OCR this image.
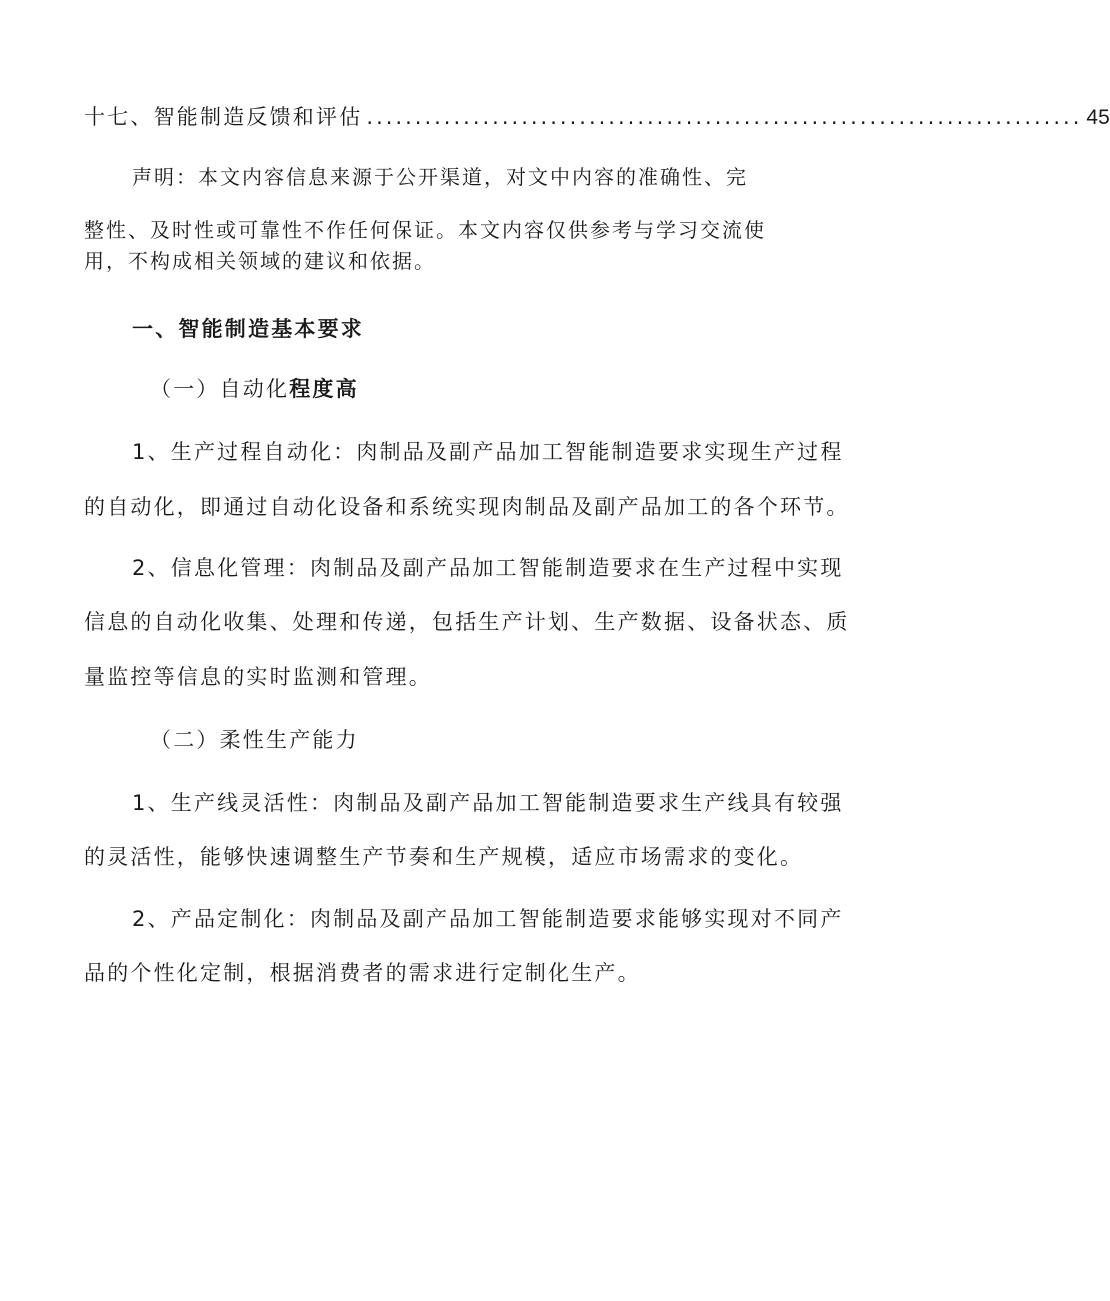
十七、智能制造反馈和评估 .......................................................................... 45
声明：本文内容信息来源于公开渠道，对文中内容的准确性、完
整性、及时性或可靠性不作任何保证。本文内容仅供参考与学习交流使
用，不构成相关领域的建议和依据。
一、智能制造基本要求
（一）自动化程度高
1、生产过程自动化：肉制品及副产品加工智能制造要求实现生产过程
的自动化，即通过自动化设备和系统实现肉制品及副产品加工的各个环节。
2、信息化管理：肉制品及副产品加工智能制造要求在生产过程中实现
信息的自动化收集、处理和传递，包括生产计划、生产数据、设备状态、质
量监控等信息的实时监测和管理。
（二）柔性生产能力
1、生产线灵活性：肉制品及副产品加工智能制造要求生产线具有较强
的灵活性，能够快速调整生产节奏和生产规模，适应市场需求的变化。
2、产品定制化：肉制品及副产品加工智能制造要求能够实现对不同产
品的个性化定制，根据消费者的需求进行定制化生产。
